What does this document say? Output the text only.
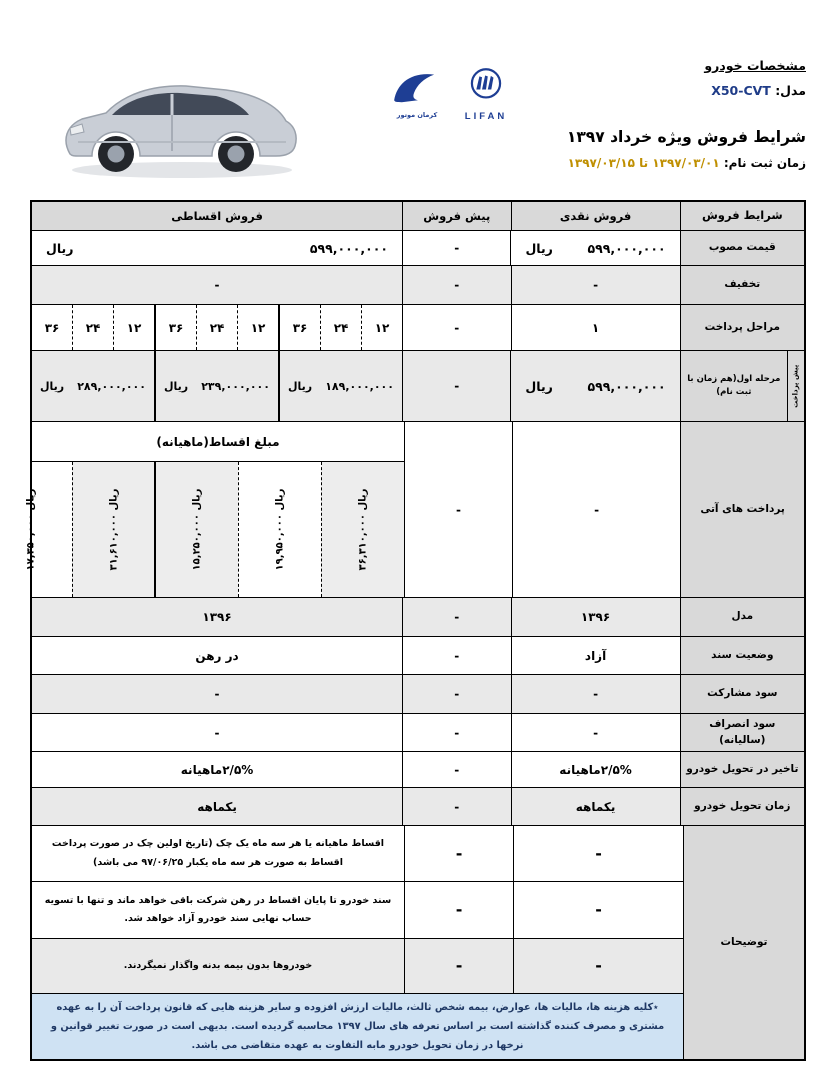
کرمان موتور	LIFAN
مشخصات خودرو
مدل: X50-CVT
شرایط فروش ویژه خرداد ۱۳۹۷
زمان ثبت نام: ۱۳۹۷/۰۳/۰۱ تا ۱۳۹۷/۰۳/۱۵
شرایط فروش
فروش نقدی
پیش فروش
فروش اقساطی
قیمت مصوب
۵۹۹,۰۰۰,۰۰۰
ریال
-
۵۹۹,۰۰۰,۰۰۰
ریال
تخفیف
-
-
-
مراحل پرداخت
۱
-
۱۲
۲۴
۳۶
۱۲
۲۴
۳۶
۱۲
۲۴
۳۶
پیش پرداخت
مرحله اول(هم زمان با ثبت نام)
۵۹۹,۰۰۰,۰۰۰
ریال
-
۱۸۹,۰۰۰,۰۰۰
ریال
۲۳۹,۰۰۰,۰۰۰
ریال
۲۸۹,۰۰۰,۰۰۰
ریال
پرداخت های آتی
-
-
مبلغ اقساط(ماهیانه)
۳۶,۳۱۰,۰۰۰ ریال
۱۹,۹۵۰,۰۰۰ ریال
۱۵,۲۵۰,۰۰۰ ریال
۳۱,۶۱۰,۰۰۰ ریال
۱۷,۳۵۰,۰۰۰ ریال
مدل
۱۳۹۶
-
۱۳۹۶
وضعیت سند
آزاد
-
در رهن
سود مشارکت
-
-
-
سود انصراف (سالیانه)
-
-
-
تاخیر در تحویل خودرو
۲/۵%ماهیانه
-
۲/۵%ماهیانه
زمان تحویل خودرو
یکماهه
-
یکماهه
توضیحات
-
-
اقساط ماهیانه یا هر سه ماه یک چک (تاریخ اولین چک در صورت پرداخت اقساط به صورت هر سه ماه یکبار ۹۷/۰۶/۲۵ می باشد)
-
-
سند خودرو تا پایان اقساط در رهن شرکت باقی خواهد ماند و تنها با تسویه حساب نهایی سند خودرو آزاد خواهد شد.
-
-
خودروها بدون بیمه بدنه واگذار نمیگردند.
٭کلیه هزینه ها، مالیات ها، عوارض، بیمه شخص ثالث، مالیات ارزش افزوده و سایر هزینه هایی که قانون پرداخت آن را به عهده مشتری و مصرف کننده گذاشته است بر اساس تعرفه های سال ۱۳۹۷ محاسبه گردیده است. بدیهی است در صورت تغییر قوانین و نرخها در زمان تحویل خودرو مابه التفاوت به عهده متقاضی می باشد.
